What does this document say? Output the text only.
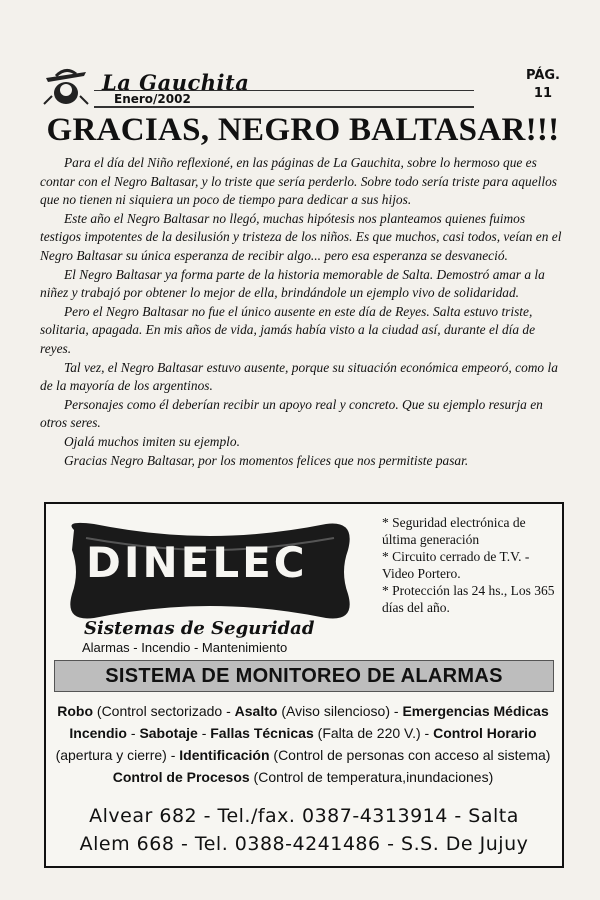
La Gauchita
Enero/2002
PÁG.
11
GRACIAS, NEGRO BALTASAR!!!

Para el día del Niño reflexioné, en las páginas de La Gauchita, sobre lo hermoso que es contar con el Negro Baltasar, y lo triste que sería perderlo. Sobre todo sería triste para aquellos que no tienen ni siquiera un poco de tiempo para dedicar a sus hijos.

Este año el Negro Baltasar no llegó, muchas hipótesis nos planteamos quienes fuimos testigos impotentes de la desilusión y tristeza de los niños. Es que muchos, casi todos, veían en el Negro Baltasar su única esperanza de recibir algo... pero esa esperanza se desvaneció.

El Negro Baltasar ya forma parte de la historia memorable de Salta. Demostró amar a la niñez y trabajó por obtener lo mejor de ella, brindándole un ejemplo vivo de solidaridad.

Pero el Negro Baltasar no fue el único ausente en este día de Reyes. Salta estuvo triste, solitaria, apagada. En mis años de vida, jamás había visto a la ciudad así, durante el día de reyes.

Tal vez, el Negro Baltasar estuvo ausente, porque su situación económica empeoró, como la de la mayoría de los argentinos.

Personajes como él deberían recibir un apoyo real y concreto. Que su ejemplo resurja en otros seres.

Ojalá muchos imiten su ejemplo.

Gracias Negro Baltasar, por los momentos felices que nos permitiste pasar.

DINELEC
Sistemas de Seguridad
Alarmas - Incendio - Mantenimiento
* Seguridad electrónica de última generación
* Circuito cerrado de T.V. - Video Portero.
* Protección las 24 hs., Los 365 días del año.
SISTEMA DE MONITOREO DE ALARMAS
Robo (Control sectorizado - Asalto (Aviso silencioso) - Emergencias Médicas
Incendio - Sabotaje - Fallas Técnicas (Falta de 220 V.) - Control Horario
(apertura y cierre) - Identificación (Control de personas con acceso al sistema)
Control de Procesos (Control de temperatura,inundaciones)
Alvear 682 - Tel./fax. 0387-4313914 - Salta
Alem 668 - Tel. 0388-4241486 - S.S. De Jujuy
